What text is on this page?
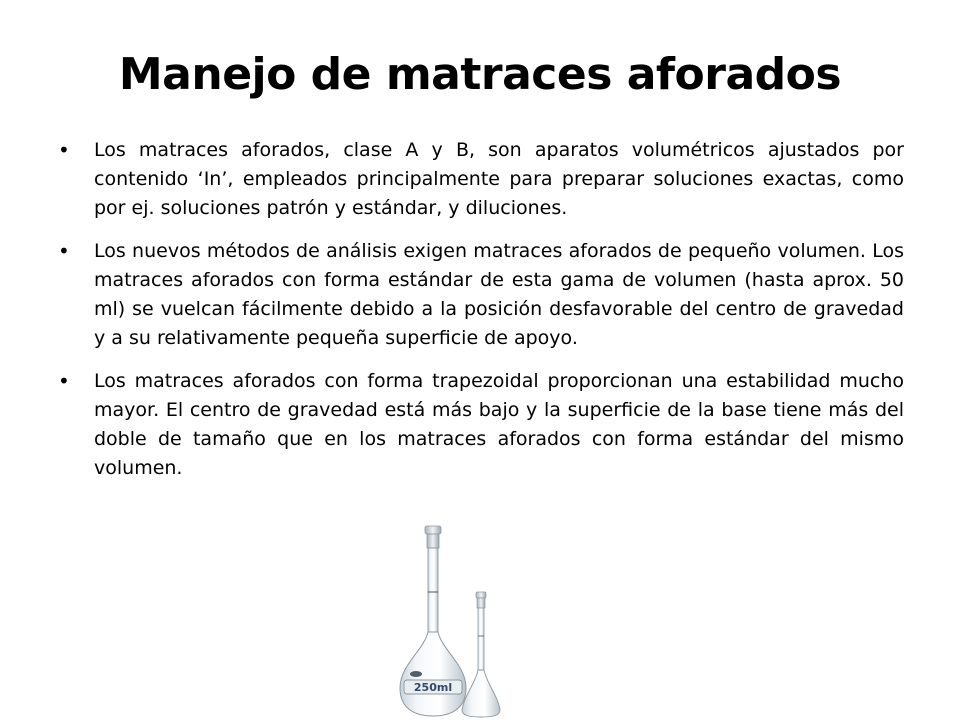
Manejo de matraces aforados
• Los matraces aforados, clase A y B, son aparatos volumétricos ajustados por contenido ‘In’, empleados principalmente para preparar soluciones exactas, como por ej. soluciones patrón y estándar, y diluciones.
• Los nuevos métodos de análisis exigen matraces aforados de pequeño volumen. Los matraces aforados con forma estándar de esta gama de volumen (hasta aprox. 50 ml) se vuelcan fácilmente debido a la posición desfavorable del centro de gravedad y a su relativamente pequeña superficie de apoyo.
• Los matraces aforados con forma trapezoidal proporcionan una estabilidad mucho mayor. El centro de gravedad está más bajo y la superficie de la base tiene más del doble de tamaño que en los matraces aforados con forma estándar del mismo volumen.
250ml
